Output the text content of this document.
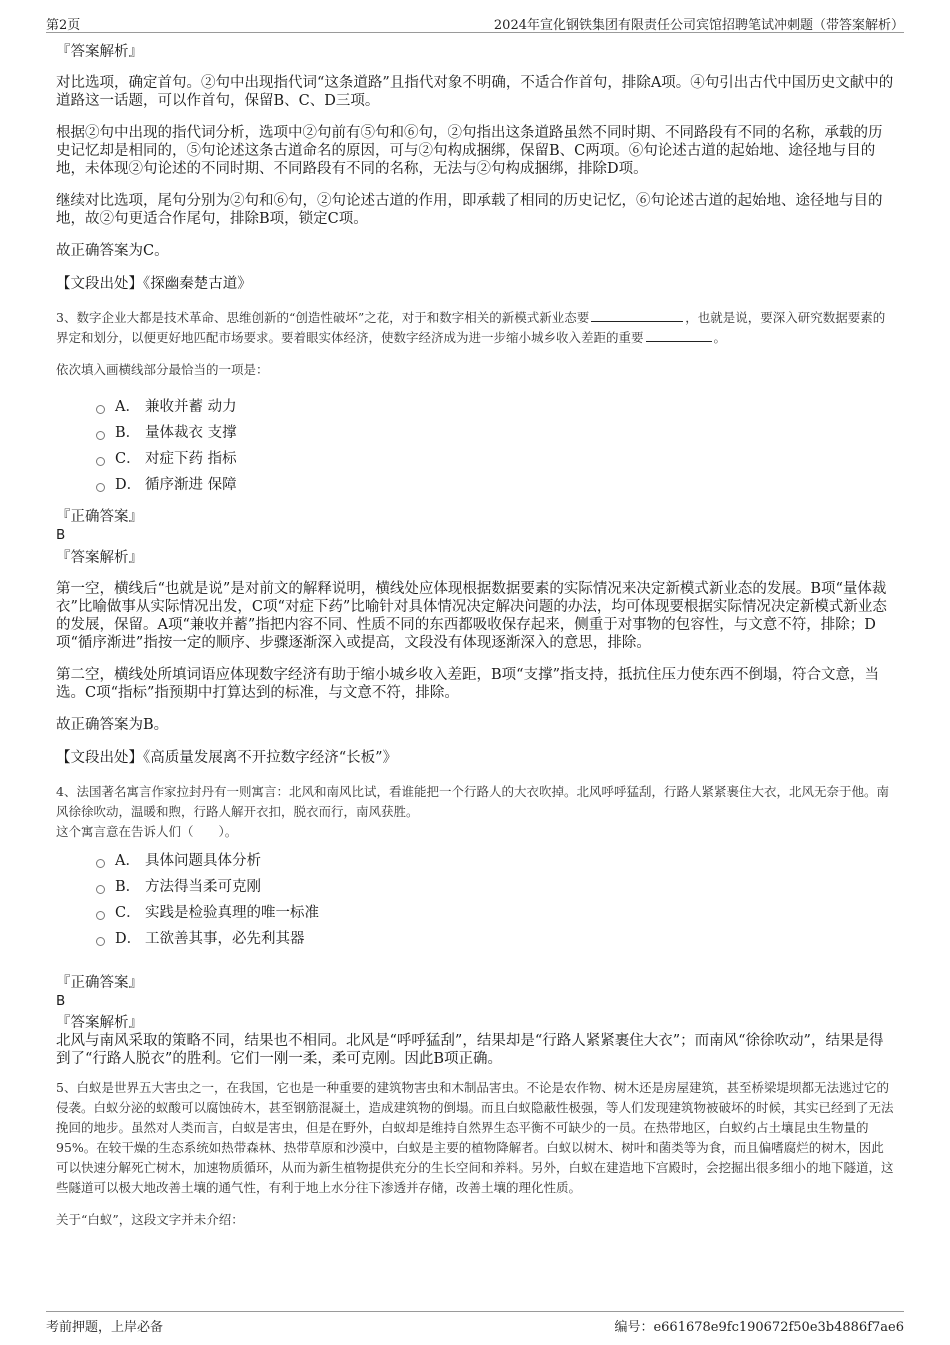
第2页	2024年宣化钢铁集团有限责任公司宾馆招聘笔试冲刺题（带答案解析）
『答案解析』

对比选项，确定首句。②句中出现指代词“这条道路”且指代对象不明确，不适合作首句，排除A项。④句引出古代中国历史文献中的道路这一话题，可以作首句，保留B、C、D三项。

根据②句中出现的指代词分析，选项中②句前有⑤句和⑥句，②句指出这条道路虽然不同时期、不同路段有不同的名称，承载的历史记忆却是相同的，⑤句论述这条古道命名的原因，可与②句构成捆绑，保留B、C两项。⑥句论述古道的起始地、途径地与目的地，未体现②句论述的不同时期、不同路段有不同的名称，无法与②句构成捆绑，排除D项。

继续对比选项，尾句分别为②句和⑥句，②句论述古道的作用，即承载了相同的历史记忆，⑥句论述古道的起始地、途径地与目的地，故②句更适合作尾句，排除B项，锁定C项。

故正确答案为C。

【文段出处】《探幽秦楚古道》
3、数字企业大都是技术革命、思维创新的“创造性破坏”之花，对于和数字相关的新模式新业态要	，也就是说，要深入研究数据要素的界定和划分，以便更好地匹配市场要求。要着眼实体经济，使数字经济成为进一步缩小城乡收入差距的重要	。
依次填入画横线部分最恰当的一项是：
A． 兼收并蓄 动力
B． 量体裁衣 支撑
C． 对症下药 指标
D． 循序渐进 保障
『正确答案』
B
『答案解析』

第一空，横线后“也就是说”是对前文的解释说明，横线处应体现根据数据要素的实际情况来决定新模式新业态的发展。B项“量体裁衣”比喻做事从实际情况出发，C项“对症下药”比喻针对具体情况决定解决问题的办法，均可体现要根据实际情况决定新模式新业态的发展，保留。A项“兼收并蓄”指把内容不同、性质不同的东西都吸收保存起来，侧重于对事物的包容性，与文意不符，排除；D项“循序渐进”指按一定的顺序、步骤逐渐深入或提高，文段没有体现逐渐深入的意思，排除。

第二空，横线处所填词语应体现数字经济有助于缩小城乡收入差距，B项“支撑”指支持，抵抗住压力使东西不倒塌，符合文意，当选。C项“指标”指预期中打算达到的标准，与文意不符，排除。

故正确答案为B。

【文段出处】《高质量发展离不开拉数字经济“长板”》
4、法国著名寓言作家拉封丹有一则寓言：北风和南风比试，看谁能把一个行路人的大衣吹掉。北风呼呼猛刮，行路人紧紧裹住大衣，北风无奈于他。南风徐徐吹动，温暖和煦，行路人解开衣扣，脱衣而行，南风获胜。
这个寓言意在告诉人们（　　）。
A． 具体问题具体分析
B． 方法得当柔可克刚
C． 实践是检验真理的唯一标准
D． 工欲善其事，必先利其器
『正确答案』
B
『答案解析』

北风与南风采取的策略不同，结果也不相同。北风是“呼呼猛刮”，结果却是“行路人紧紧裹住大衣”；而南风“徐徐吹动”，结果是得到了“行路人脱衣”的胜利。它们一刚一柔，柔可克刚。因此B项正确。

5、白蚁是世界五大害虫之一，在我国，它也是一种重要的建筑物害虫和木制品害虫。不论是农作物、树木还是房屋建筑，甚至桥梁堤坝都无法逃过它的侵袭。白蚁分泌的蚁酸可以腐蚀砖木，甚至钢筋混凝土，造成建筑物的倒塌。而且白蚁隐蔽性极强，等人们发现建筑物被破坏的时候，其实已经到了无法挽回的地步。虽然对人类而言，白蚁是害虫，但是在野外，白蚁却是维持自然界生态平衡不可缺少的一员。在热带地区，白蚁约占土壤昆虫生物量的95%。在较干燥的生态系统如热带森林、热带草原和沙漠中，白蚁是主要的植物降解者。白蚁以树木、树叶和菌类等为食，而且偏嗜腐烂的树木，因此可以快速分解死亡树木，加速物质循环，从而为新生植物提供充分的生长空间和养料。另外，白蚁在建造地下宫殿时，会挖掘出很多细小的地下隧道，这些隧道可以极大地改善土壤的通气性，有利于地上水分往下渗透并存储，改善土壤的理化性质。
关于“白蚁”，这段文字并未介绍：
考前押题，上岸必备	编号：e661678e9fc190672f50e3b4886f7ae6
